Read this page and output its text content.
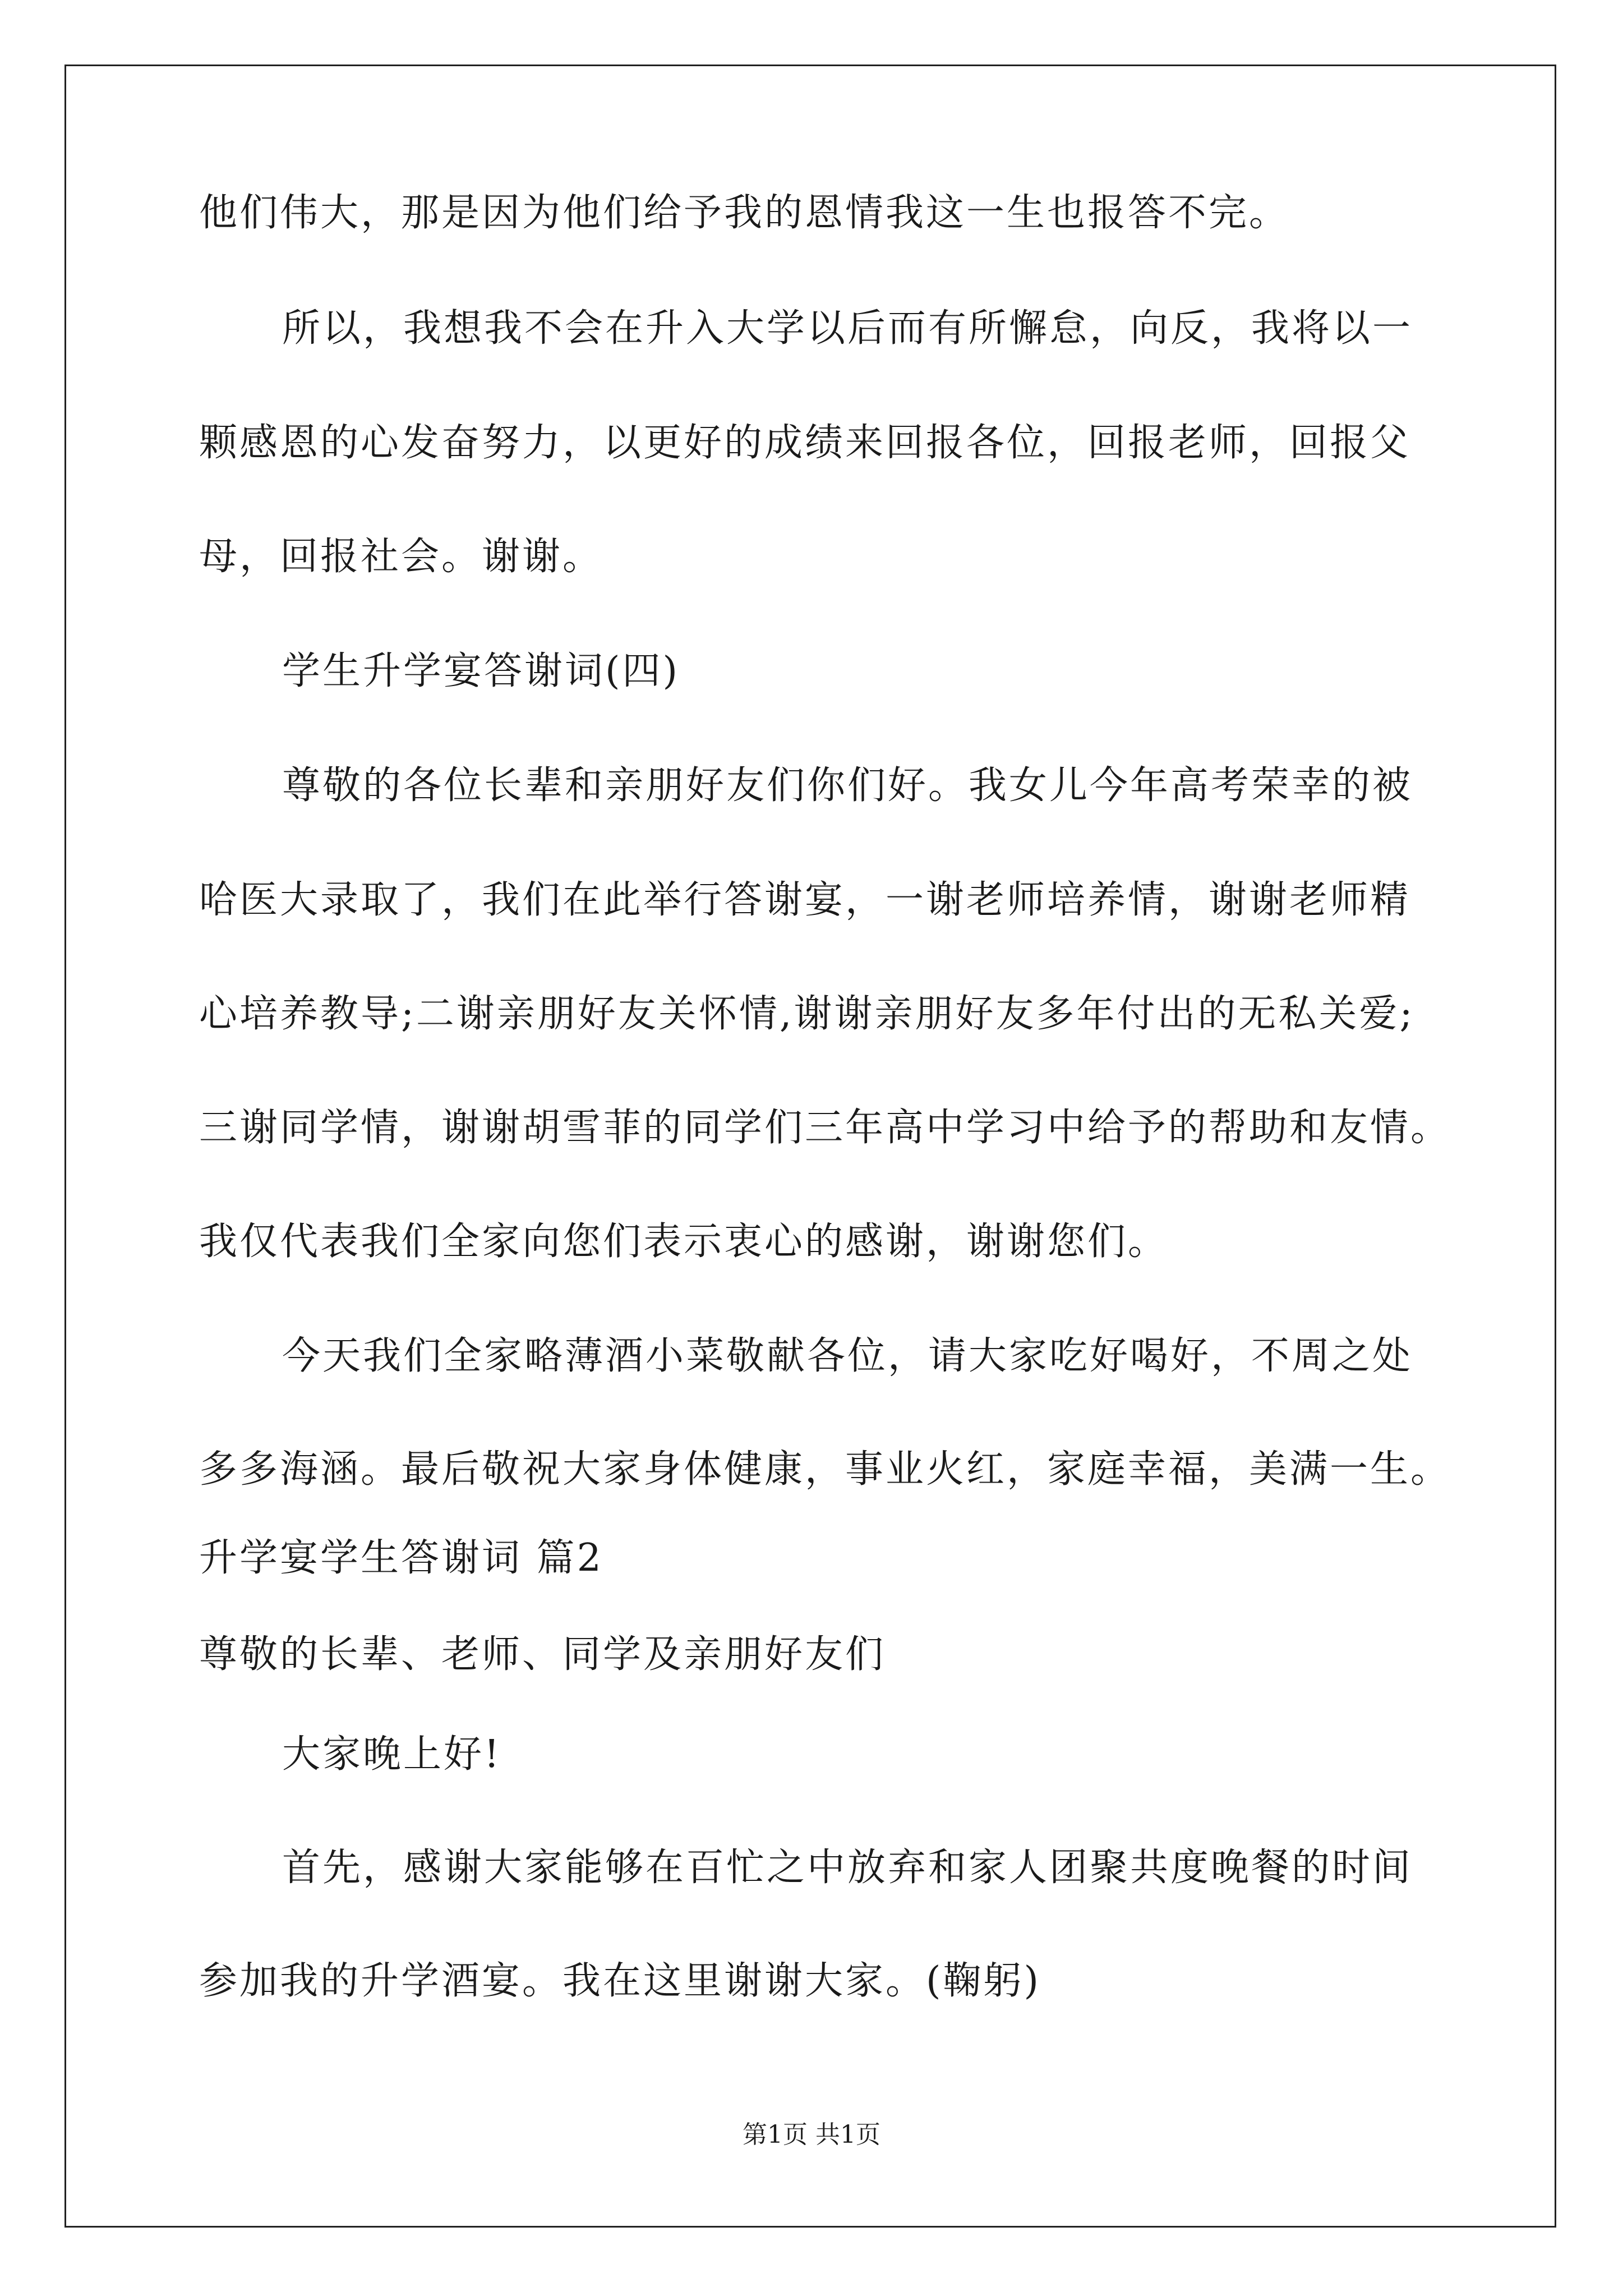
他们伟大，那是因为他们给予我的恩情我这一生也报答不完。
所以，我想我不会在升入大学以后而有所懈怠，向反，我将以一
颗感恩的心发奋努力，以更好的成绩来回报各位，回报老师，回报父
母，回报社会。谢谢。
学生升学宴答谢词(四)
尊敬的各位长辈和亲朋好友们你们好。我女儿今年高考荣幸的被
哈医大录取了，我们在此举行答谢宴，一谢老师培养情，谢谢老师精
心培养教导;二谢亲朋好友关怀情,谢谢亲朋好友多年付出的无私关爱;
三谢同学情，谢谢胡雪菲的同学们三年高中学习中给予的帮助和友情。
我仅代表我们全家向您们表示衷心的感谢，谢谢您们。
今天我们全家略薄酒小菜敬献各位，请大家吃好喝好，不周之处
多多海涵。最后敬祝大家身体健康，事业火红，家庭幸福，美满一生。
升学宴学生答谢词 篇2
尊敬的长辈、老师、同学及亲朋好友们
大家晚上好!
首先，感谢大家能够在百忙之中放弃和家人团聚共度晚餐的时间
参加我的升学酒宴。我在这里谢谢大家。(鞠躬)
第1页 共1页
